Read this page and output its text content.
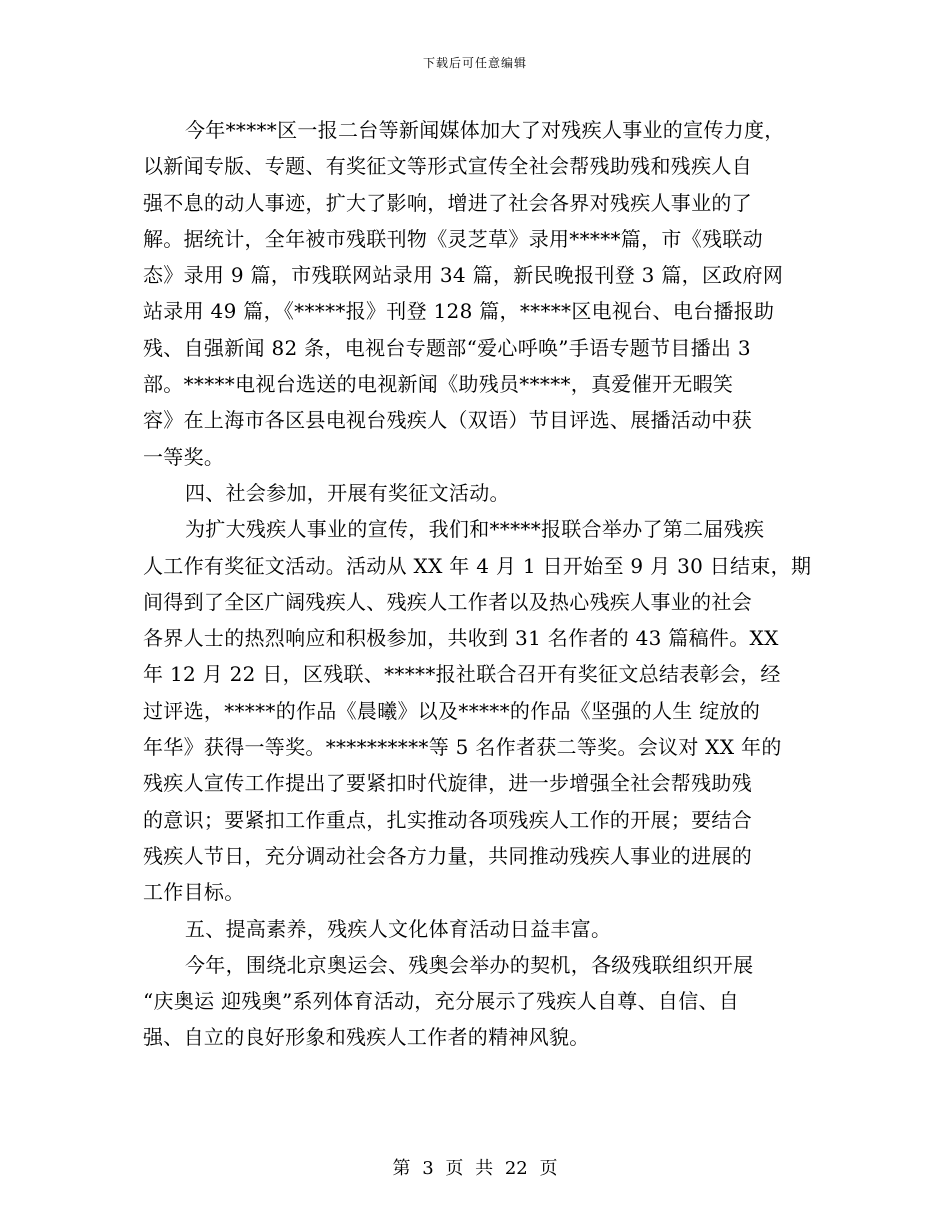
下载后可任意编辑
今年*****区一报二台等新闻媒体加大了对残疾人事业的宣传力度，
以新闻专版、专题、有奖征文等形式宣传全社会帮残助残和残疾人自
强不息的动人事迹，扩大了影响，增进了社会各界对残疾人事业的了
解。据统计，全年被市残联刊物《灵芝草》录用*****篇，市《残联动
态》录用 9 篇，市残联网站录用 34 篇，新民晚报刊登 3 篇，区政府网
站录用 49 篇，《*****报》刊登 128 篇，*****区电视台、电台播报助
残、自强新闻 82 条，电视台专题部“爱心呼唤”手语专题节目播出 3
部。*****电视台选送的电视新闻《助残员*****，真爱催开无暇笑
容》在上海市各区县电视台残疾人（双语）节目评选、展播活动中获
一等奖。
四、社会参加，开展有奖征文活动。
为扩大残疾人事业的宣传，我们和*****报联合举办了第二届残疾
人工作有奖征文活动。活动从 XX 年 4 月 1 日开始至 9 月 30 日结束，期
间得到了全区广阔残疾人、残疾人工作者以及热心残疾人事业的社会
各界人士的热烈响应和积极参加，共收到 31 名作者的 43 篇稿件。XX
年 12 月 22 日，区残联、*****报社联合召开有奖征文总结表彰会，经
过评选，*****的作品《晨曦》以及*****的作品《坚强的人生 绽放的
年华》获得一等奖。**********等 5 名作者获二等奖。会议对 XX 年的
残疾人宣传工作提出了要紧扣时代旋律，进一步增强全社会帮残助残
的意识；要紧扣工作重点，扎实推动各项残疾人工作的开展；要结合
残疾人节日，充分调动社会各方力量，共同推动残疾人事业的进展的
工作目标。
五、提高素养，残疾人文化体育活动日益丰富。
今年，围绕北京奥运会、残奥会举办的契机，各级残联组织开展
“庆奥运 迎残奥”系列体育活动，充分展示了残疾人自尊、自信、自
强、自立的良好形象和残疾人工作者的精神风貌。
第 3 页 共 22 页
